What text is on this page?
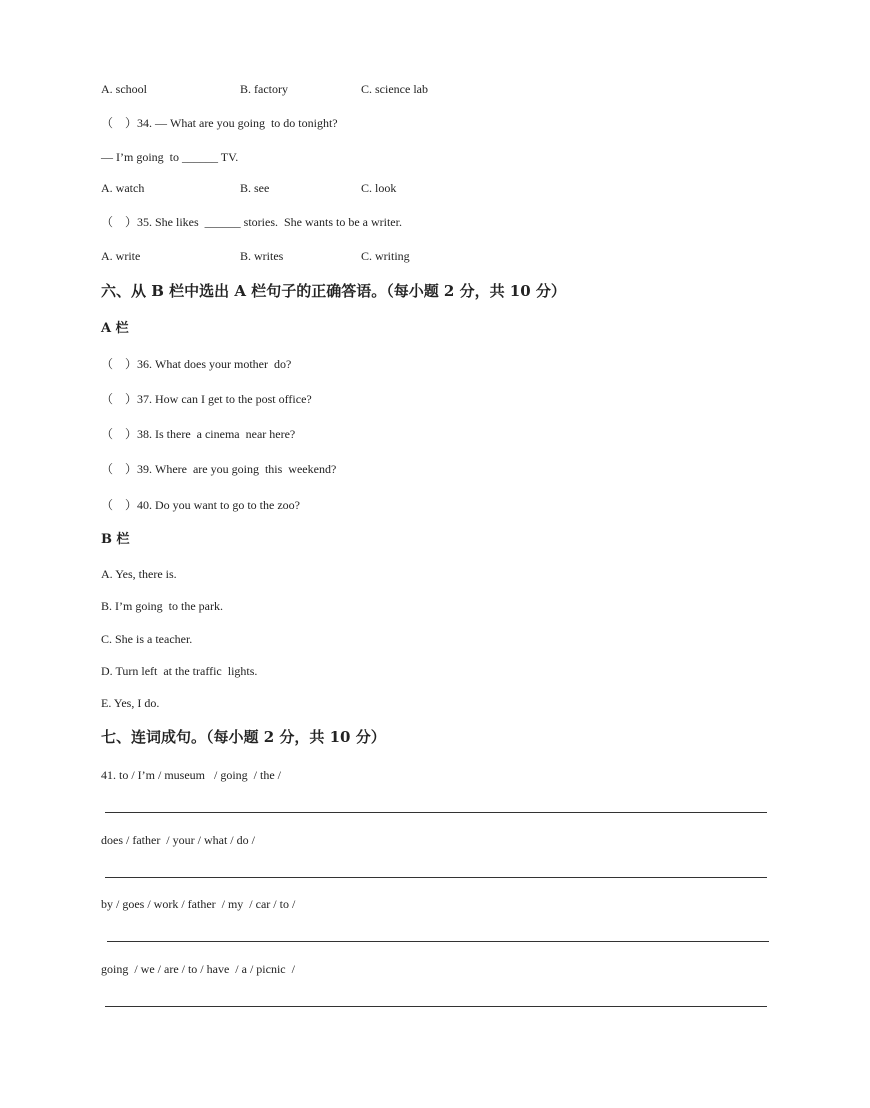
A. school	B. factory	C. science lab
（　）34. — What are you going  to do tonight?
— I’m going  to ______ TV.
A. watch	B. see	C. look
（　）35. She likes  ______ stories.  She wants to be a writer.
A. write	B. writes	C. writing
六、从 B 栏中选出 A 栏句子的正确答语。（每小题 2 分，共 10 分）
A 栏
（　）36. What does your mother  do?
（　）37. How can I get to the post office?
（　）38. Is there  a cinema  near here?
（　）39. Where  are you going  this  weekend?
（　）40. Do you want to go to the zoo?
B 栏
A. Yes, there is.
B. I’m going  to the park.
C. She is a teacher.
D. Turn left  at the traffic  lights.
E. Yes, I do.
七、连词成句。（每小题 2 分，共 10 分）
41. to / I’m / museum   / going  / the /
does / father  / your / what / do /
by / goes / work / father  / my  / car / to /
going  / we / are / to / have  / a / picnic  /
